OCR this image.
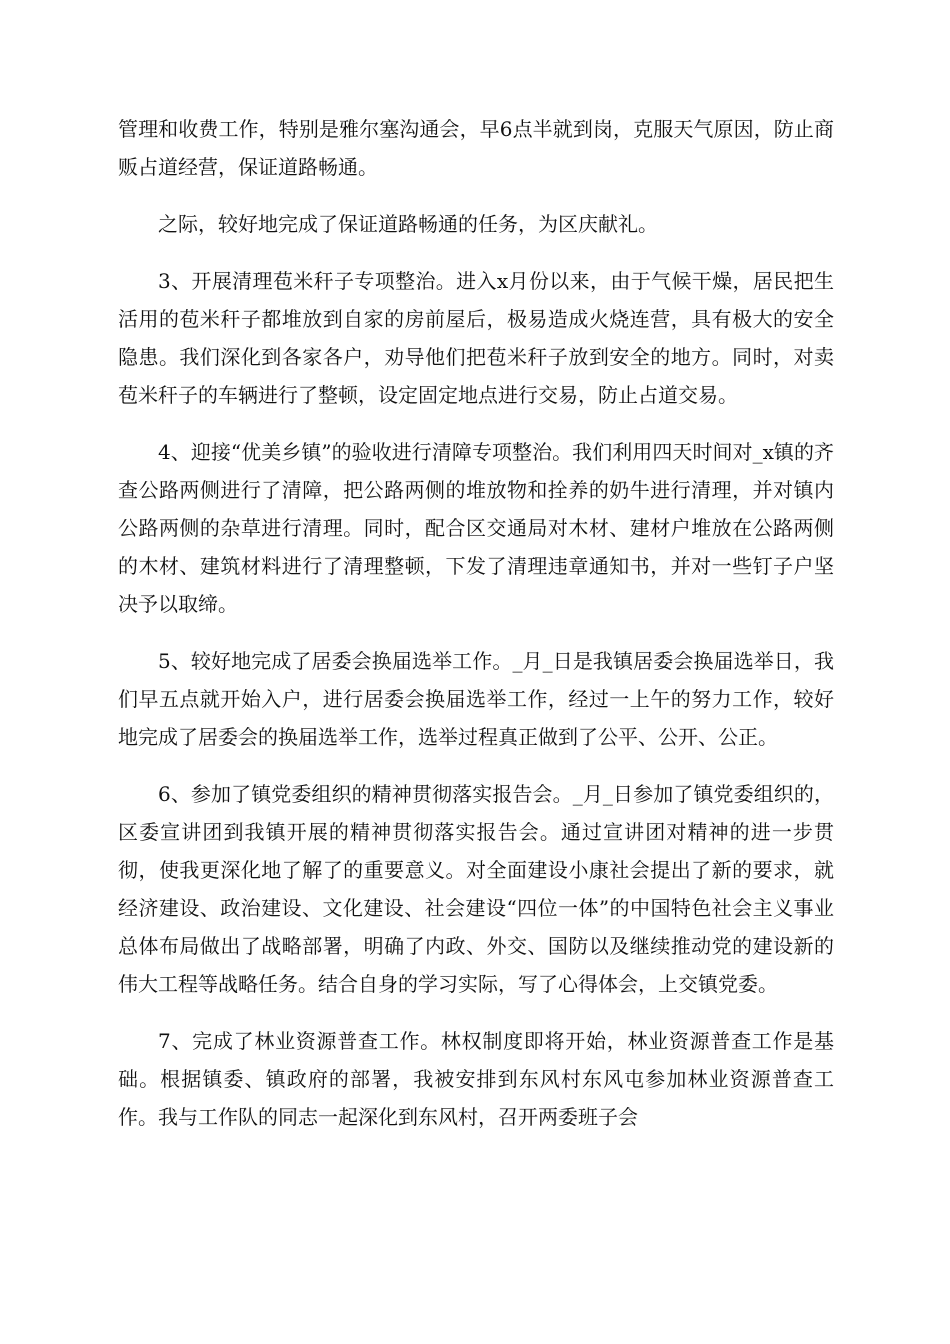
管理和收费工作，特别是雅尔塞沟通会，早6点半就到岗，克服天气原因，防止商贩占道经营，保证道路畅通。

之际，较好地完成了保证道路畅通的任务，为区庆献礼。

3、开展清理苞米秆子专项整治。进入x月份以来，由于气候干燥，居民把生活用的苞米秆子都堆放到自家的房前屋后，极易造成火烧连营，具有极大的安全隐患。我们深化到各家各户，劝导他们把苞米秆子放到安全的地方。同时，对卖苞米秆子的车辆进行了整顿，设定固定地点进行交易，防止占道交易。

4、迎接“优美乡镇”的验收进行清障专项整治。我们利用四天时间对_x镇的齐查公路两侧进行了清障，把公路两侧的堆放物和拴养的奶牛进行清理，并对镇内公路两侧的杂草进行清理。同时，配合区交通局对木材、建材户堆放在公路两侧的木材、建筑材料进行了清理整顿，下发了清理违章通知书，并对一些钉子户坚决予以取缔。

5、较好地完成了居委会换届选举工作。_月_日是我镇居委会换届选举日，我们早五点就开始入户，进行居委会换届选举工作，经过一上午的努力工作，较好地完成了居委会的换届选举工作，选举过程真正做到了公平、公开、公正。

6、参加了镇党委组织的精神贯彻落实报告会。_月_日参加了镇党委组织的，区委宣讲团到我镇开展的精神贯彻落实报告会。通过宣讲团对精神的进一步贯彻，使我更深化地了解了的重要意义。对全面建设小康社会提出了新的要求，就经济建设、政治建设、文化建设、社会建设“四位一体”的中国特色社会主义事业总体布局做出了战略部署，明确了内政、外交、国防以及继续推动党的建设新的伟大工程等战略任务。结合自身的学习实际，写了心得体会，上交镇党委。

7、完成了林业资源普查工作。林权制度即将开始，林业资源普查工作是基础。根据镇委、镇政府的部署，我被安排到东风村东风屯参加林业资源普查工作。我与工作队的同志一起深化到东风村，召开两委班子会
